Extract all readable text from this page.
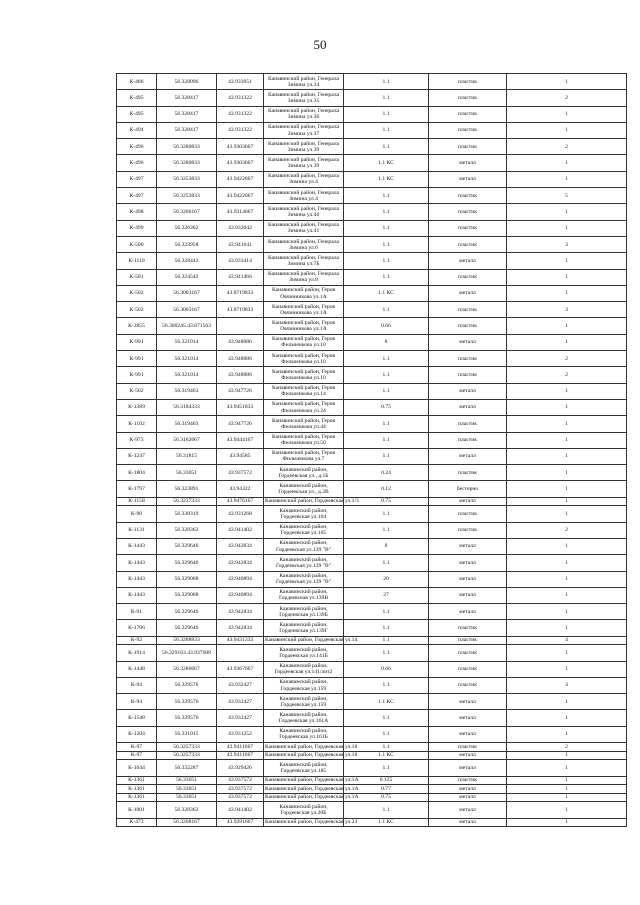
50
К-486	56.328096	43.933951	Канавинский район, Генерала Зимина ул.34	1.1	пластик	1
К-495	56.328417	43.931322	Канавинский район, Генерала Зимина ул.35	1.1	пластик	2
К-495	56.328417	43.931322	Канавинский район, Генерала Зимина ул.36	1.1	пластик	1
К-494	56.328417	43.931322	Канавинский район, Генерала Зимина ул.37	1.1	пластик	1
К-496	56.3280833	43.9303667	Канавинский район, Генерала Зимина ул.39	1.1	пластик	2
К-496	56.3280833	43.9303667	Канавинский район, Генерала Зимина ул.39	1.1 КС	металл	1
К-497	56.3253833	43.9422667	Канавинский район, Генерала Зимина ул.4	1.1 КС	металл	1
К-497	56.3253833	43.9422667	Канавинский район, Генерала Зимина ул.4	1.1	пластик	5
К-498	56.3266167	43.9314667	Канавинский район, Генерала Зимина ул.40	1.1	пластик	1
К-499	56.326362	43.932642	Канавинский район, Генерала Зимина ул.41	1.1	пластик	1
К-500	56.323958	43.941641	Канавинский район, Генерала Зимина ул.6	1.1	пластик	3
К-1110	56.328443	43.933414	Канавинский район, Генерала Зимина ул.7Б	1.1	металл	1
К-501	56.324542	43.941466	Канавинский район, Генерала Зимина ул.8	1.1	пластик	1
К-502	56.3003167	43.8719833	Канавинский район, Героя Овчинникова ул.1А	1.1 КС	металл	1
К-502	56.3003167	43.8719833	Канавинский район, Героя Овчинникова ул.1А	1.1	пластик	3
К-3855	56.300245.43.871563		Канавинский район, Героя Овчинникова ул.1А	0.66	пластик	1
К-991	56.321014	43.948086	Канавинский район, Героя Фильченкова ул.10	8	металл	1
К-991	56.321014	43.948086	Канавинский район, Героя Фильченкова ул.10	1.1	пластик	2
К-991	56.321014	43.948086	Канавинский район, Героя Фильченкова ул.10	1.1	пластик	2
К-502	56.319463	43.947726	Канавинский район, Героя Фильченкова ул.14	1.1	металл	1
К-1389	56.3184333	43.9451833	Канавинский район, Героя Фильченкова ул.24	0.75	металл	1
К-1102	56.319463	43.947726	Канавинский район, Героя Фильченкова ул.44	1.1	пластик	1
К-973	56.3162667	43.9444167	Канавинский район, Героя Фильченкова ул.50	1.1	пластик	1
К-1247	56.31815	43.94585	Канавинский район, Героя Фильченкова ул.7	1.1	металл	1
К-1804	56.33051	43.937572	Канавинский район, Гордеевская ул., д.1Б	0.24	пластик	1
К-1797	56.323891	43.94322	Канавинский район, Гордеевская ул., д.2В	0.12	бестерно	1
К-1158	56.3237333	43.9476167	Канавинский район, Гордеевская ул.1/3	0.75	металл	1
К-90	56.330319	43.931268	Канавинский район, Гордеевская ул.104	1.1	пластик	1
К-1131	56.328362	43.941402	Канавинский район, Гордеевская ул.105	1.1	пластик	2
К-1443	56.329646	43.942834	Канавинский район, Гордеевская ул.139 "В"	8	металл	1
К-1443	56.329646	43.942834	Канавинский район, Гордеевская ул.139 "В"	1.1	металл	1
К-1443	56.329068	43.940894	Канавинский район, Гордеевская ул.139 "В"	20	металл	1
К-1443	56.329068	43.940894	Канавинский район, Гордеевская ул.139В	27	металл	1
К-91	56.329646	43.942834	Канавинский район, Гордеевская ул.139Б	1.1	металл	1
К-1706	56.329646	43.942834	Канавинский район, Гордеевская ул.139Г	1.1	пластик	1
К-92	56.3288833	43.9431333	Канавинский район, Гордеевская ул.14	1.1	пластик	4
К-1914	56.329163.43.937608		Канавинский район, Гордеевская ул.141Б	1.1	пластик	1
К-1448	56.3286667	43.9367667	Канавинский район, Гордеевская ул.141/лит2	0.66	пластик	1
К-94	56.329576	43.932427	Канавинский район, Гордеевская ул.159	1.1	пластик	4
К-94	56.329576	43.932427	Канавинский район, Гордеевская ул.159	1.1 КС	металл	1
К-1548	56.329576	43.932427	Канавинский район, Гордеевская ул.161А	1.1	металл	1
К-1204	56.331015	43.931252	Канавинский район, Гордеевская ул.161Б	1.1	металл	1
К-97	56.3257333	43.9411667	Канавинский район, Гордеевская ул.18	1.1	пластик	2
К-97	56.3257333	43.9411667	Канавинский район, Гордеевская ул.18	1.1 КС	металл	1
К-1644	56.332287	43.929426	Канавинский район, Гордеевская ул.185	1.1	металл	1
К-1361	56.33051	43.937572	Канавинский район, Гордеевская ул.1А	0.125	пластик	1
К-1361	56.33051	43.937572	Канавинский район, Гордеевская ул.1А	0.77	металл	1
К-1361	56.33051	43.937572	Канавинский район, Гордеевская ул.1А	0.75	металл	1
К-1001	56.328362	43.941402	Канавинский район, Гордеевская ул.20Б	1.1	металл	1
К-473	56.3268167	43.9391667	Канавинский район, Гордеевская ул.24	1.1 КС	металл	1
